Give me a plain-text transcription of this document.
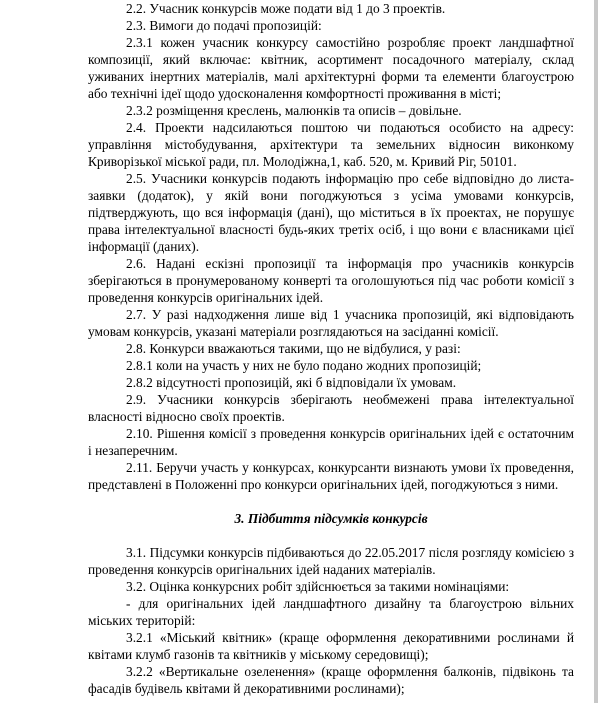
2.2. Учасник конкурсів може подати від 1 до 3 проектів.

2.3. Вимоги до подачі пропозицій:

2.3.1 кожен учасник конкурсу самостійно розробляє проект ландшафтної композиції, який включає: квітник, асортимент посадочного матеріалу, склад уживаних інертних матеріалів, малі архітектурні форми та елементи благоустрою або технічні ідеї щодо удосконалення комфортності проживання в місті;

2.3.2 розміщення креслень, малюнків та описів – довільне.

2.4. Проекти надсилаються поштою чи подаються особисто на адресу: управління містобудування, архітектури та земельних відносин виконкому Криворізької міської ради, пл. Молодіжна,1, каб. 520, м. Кривий Ріг, 50101.

2.5. Учасники конкурсів подають інформацію про себе відповідно до листа-заявки (додаток), у якій вони погоджуються з усіма умовами конкурсів, підтверджують, що вся інформація (дані), що міститься в їх проектах, не порушує права інтелектуальної власності будь-яких третіх осіб, і що вони є власниками цієї інформації (даних).

2.6. Надані ескізні пропозиції та інформація про учасників конкурсів зберігаються в пронумерованому конверті та оголошуються під час роботи комісії з проведення конкурсів оригінальних ідей.

2.7. У разі надходження лише від 1 учасника пропозицій, які відповідають умовам конкурсів, указані матеріали розглядаються на засіданні комісії.

2.8. Конкурси вважаються такими, що не відбулися, у разі:

2.8.1 коли на участь у них не було подано жодних пропозицій;

2.8.2 відсутності пропозицій, які б відповідали їх умовам.

2.9. Учасники конкурсів зберігають необмежені права інтелектуальної власності відносно своїх проектів.

2.10. Рішення комісії з проведення конкурсів оригінальних ідей є остаточним і незаперечним.

2.11. Беручи участь у конкурсах, конкурсанти визнають умови їх проведення, представлені в Положенні про конкурси оригінальних ідей, погоджуються з ними.

3. Підбиття підсумків конкурсів

3.1. Підсумки конкурсів підбиваються до 22.05.2017 після розгляду комісією з проведення конкурсів оригінальних ідей наданих матеріалів.

3.2. Оцінка конкурсних робіт здійснюється за такими номінаціями:

- для оригінальних ідей ландшафтного дизайну та благоустрою вільних міських територій:

3.2.1 «Міський квітник» (краще оформлення декоративними рослинами й квітами клумб газонів та квітників у міському середовищі);

3.2.2 «Вертикальне озеленення» (краще оформлення балконів, підвіконь та фасадів будівель квітами й декоративними рослинами);
